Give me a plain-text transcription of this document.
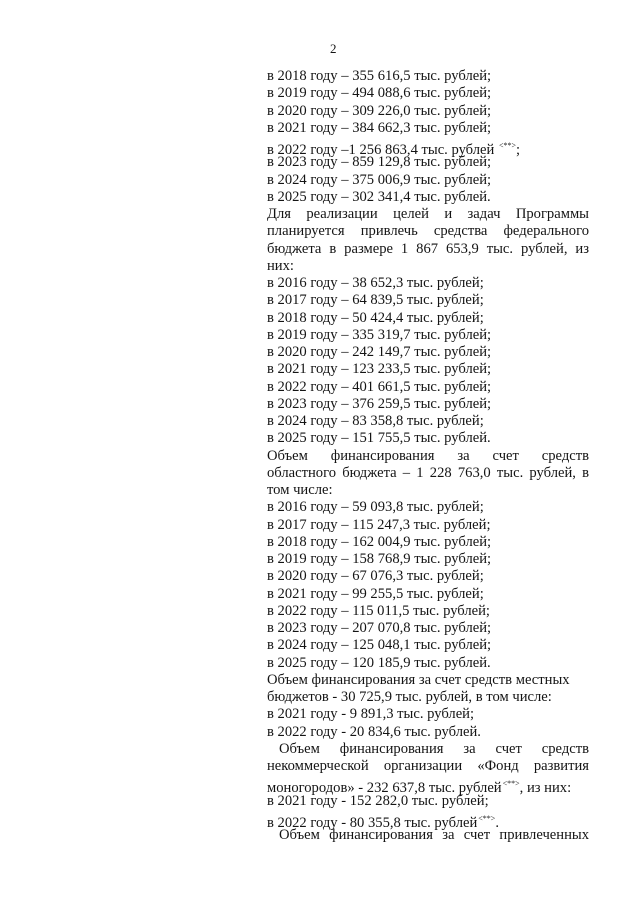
2
в 2018 году – 355 616,5 тыс. рублей;
в 2019 году – 494 088,6 тыс. рублей;
в 2020 году – 309 226,0 тыс. рублей;
в 2021 году – 384 662,3 тыс. рублей;
в 2022 году –1 256 863,4 тыс. рублей <**>;
в 2023 году – 859 129,8 тыс. рублей;
в 2024 году – 375 006,9 тыс. рублей;
в 2025 году – 302 341,4 тыс. рублей.
Для реализации целей и задач Программы
планируется привлечь средства федерального
бюджета в размере 1 867 653,9 тыс. рублей, из
них:
в 2016 году – 38 652,3 тыс. рублей;
в 2017 году – 64 839,5 тыс. рублей;
в 2018 году – 50 424,4 тыс. рублей;
в 2019 году – 335 319,7 тыс. рублей;
в 2020 году – 242 149,7 тыс. рублей;
в 2021 году – 123 233,5 тыс. рублей;
в 2022 году – 401 661,5 тыс. рублей;
в 2023 году – 376 259,5 тыс. рублей;
в 2024 году – 83 358,8 тыс. рублей;
в 2025 году – 151 755,5 тыс. рублей.
Объем финансирования за счет средств
областного бюджета – 1 228 763,0 тыс. рублей, в
том числе:
в 2016 году – 59 093,8 тыс. рублей;
в 2017 году – 115 247,3 тыс. рублей;
в 2018 году – 162 004,9 тыс. рублей;
в 2019 году – 158 768,9 тыс. рублей;
в 2020 году – 67 076,3 тыс. рублей;
в 2021 году – 99 255,5 тыс. рублей;
в 2022 году – 115 011,5 тыс. рублей;
в 2023 году – 207 070,8 тыс. рублей;
в 2024 году – 125 048,1 тыс. рублей;
в 2025 году – 120 185,9 тыс. рублей.
Объем финансирования за счет средств местных
бюджетов - 30 725,9 тыс. рублей, в том числе:
в 2021 году - 9 891,3 тыс. рублей;
в 2022 году - 20 834,6 тыс. рублей.
Объем финансирования за счет средств
некоммерческой организации «Фонд развития
моногородов» - 232 637,8 тыс. рублей<**>, из них:
в 2021 году - 152 282,0 тыс. рублей;
в 2022 году - 80 355,8 тыс. рублей<**>.
Объем финансирования за счет привлеченных
